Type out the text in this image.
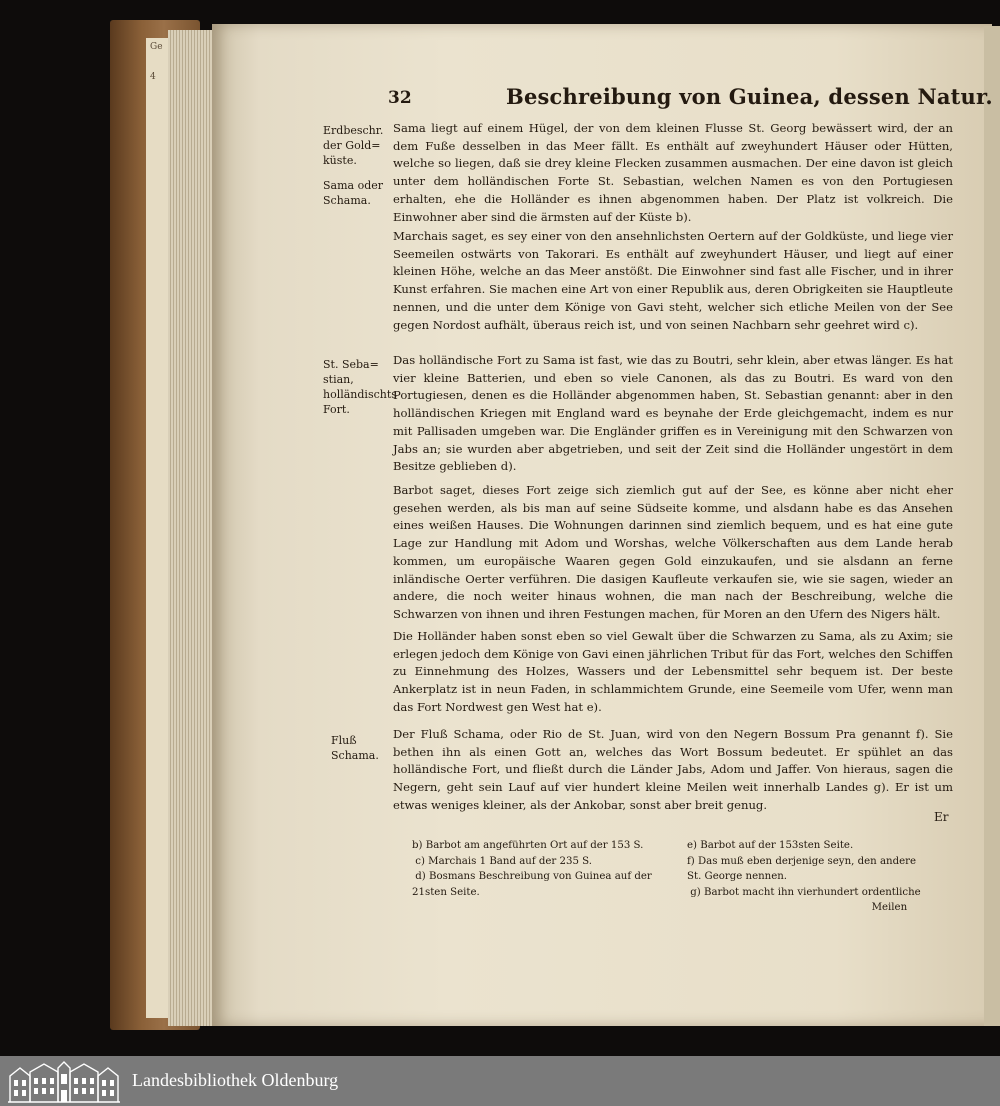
Ge
4
32	Beschreibung von Guinea, dessen Natur.
Erdbeschr.
der Gold=
küste.
Sama oder
Schama.
St. Seba=
stian,
holländischts
Fort.
Fluß
Schama.

Sama liegt auf einem Hügel, der von dem kleinen Flusse St. Georg bewässert wird, der an dem Fuße desselben in das Meer fällt. Es enthält auf zweyhundert Häuser oder Hütten, welche so liegen, daß sie drey kleine Flecken zusammen ausmachen. Der eine davon ist gleich unter dem holländischen Forte St. Sebastian, welchen Namen es von den Portugiesen erhalten, ehe die Holländer es ihnen abgenommen haben. Der Platz ist volkreich. Die Einwohner aber sind die ärmsten auf der Küste b).

Marchais saget, es sey einer von den ansehnlichsten Oertern auf der Goldküste, und liege vier Seemeilen ostwärts von Takorari. Es enthält auf zweyhundert Häuser, und liegt auf einer kleinen Höhe, welche an das Meer anstößt. Die Einwohner sind fast alle Fischer, und in ihrer Kunst erfahren. Sie machen eine Art von einer Republik aus, deren Obrigkeiten sie Hauptleute nennen, und die unter dem Könige von Gavi steht, welcher sich etliche Meilen von der See gegen Nordost aufhält, überaus reich ist, und von seinen Nachbarn sehr geehret wird c).

Das holländische Fort zu Sama ist fast, wie das zu Boutri, sehr klein, aber etwas länger. Es hat vier kleine Batterien, und eben so viele Canonen, als das zu Boutri. Es ward von den Portugiesen, denen es die Holländer abgenommen haben, St. Sebastian genannt: aber in den holländischen Kriegen mit England ward es beynahe der Erde gleichgemacht, indem es nur mit Pallisaden umgeben war. Die Engländer griffen es in Vereinigung mit den Schwarzen von Jabs an; sie wurden aber abgetrieben, und seit der Zeit sind die Holländer ungestört in dem Besitze geblieben d).

Barbot saget, dieses Fort zeige sich ziemlich gut auf der See, es könne aber nicht eher gesehen werden, als bis man auf seine Südseite komme, und alsdann habe es das Ansehen eines weißen Hauses. Die Wohnungen darinnen sind ziemlich bequem, und es hat eine gute Lage zur Handlung mit Adom und Worshas, welche Völkerschaften aus dem Lande herab kommen, um europäische Waaren gegen Gold einzukaufen, und sie alsdann an ferne inländische Oerter verführen. Die dasigen Kaufleute verkaufen sie, wie sie sagen, wieder an andere, die noch weiter hinaus wohnen, die man nach der Beschreibung, welche die Schwarzen von ihnen und ihren Festungen machen, für Moren an den Ufern des Nigers hält.

Die Holländer haben sonst eben so viel Gewalt über die Schwarzen zu Sama, als zu Axim; sie erlegen jedoch dem Könige von Gavi einen jährlichen Tribut für das Fort, welches den Schiffen zu Einnehmung des Holzes, Wassers und der Lebensmittel sehr bequem ist. Der beste Ankerplatz ist in neun Faden, in schlammichtem Grunde, eine Seemeile vom Ufer, wenn man das Fort Nordwest gen West hat e).

Der Fluß Schama, oder Rio de St. Juan, wird von den Negern Bossum Pra genannt f). Sie bethen ihn als einen Gott an, welches das Wort Bossum bedeutet. Er spühlet an das holländische Fort, und fließt durch die Länder Jabs, Adom und Jaffer. Von hieraus, sagen die Negern, geht sein Lauf auf vier hundert kleine Meilen weit innerhalb Landes g). Er ist um etwas weniges kleiner, als der Ankobar, sonst aber breit genug.

Er
b) Barbot am angeführten Ort auf der 153 S.
c) Marchais 1 Band auf der 235 S.
d) Bosmans Beschreibung von Guinea auf der
21sten Seite.
e) Barbot auf der 153sten Seite.
f) Das muß eben derjenige seyn, den andere
St. George nennen.
g) Barbot macht ihn vierhundert ordentliche
Meilen
Landesbibliothek Oldenburg
